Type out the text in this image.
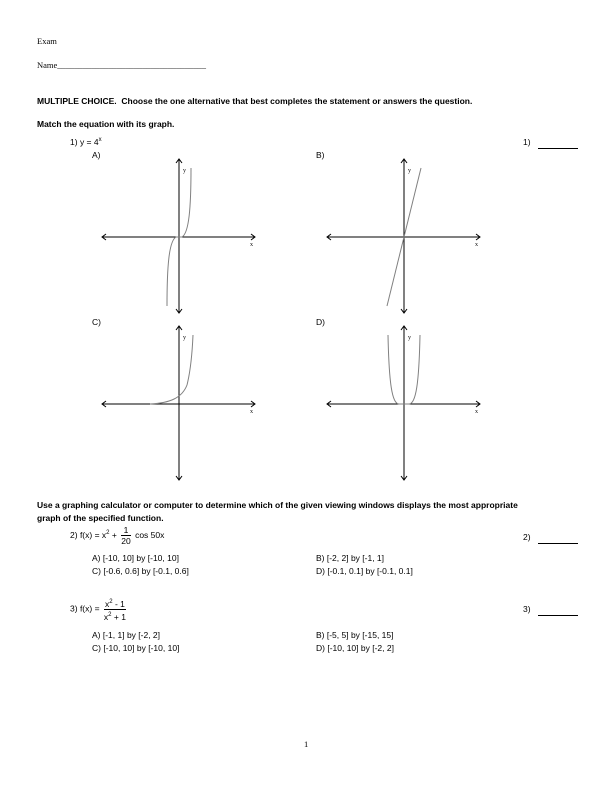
Exam
Name___________________________________
MULTIPLE CHOICE. Choose the one alternative that best completes the statement or answers the question.
Match the equation with its graph.
1) $y = 4^x$	1)
A)	B)
C)	D)
y
x
y
x
y
x
y
x
Use a graphing calculator or computer to determine which of the given viewing windows displays the most appropriate
graph of the specified function.
2) $f(x) = x^2 + \frac{1}{20}$ cos 50x	2)
A) [-10, 10] by [-10, 10]	B) [-2, 2] by [-1, 1]
C) [-0.6, 0.6] by [-0.1, 0.6]	D) [-0.1, 0.1] by [-0.1, 0.1]
3) $f(x) = \frac{x^2 - 1}{x^2 + 1}$	3)
A) [-1, 1] by [-2, 2]	B) [-5, 5] by [-15, 15]
C) [-10, 10] by [-10, 10]	D) [-10, 10] by [-2, 2]
1
